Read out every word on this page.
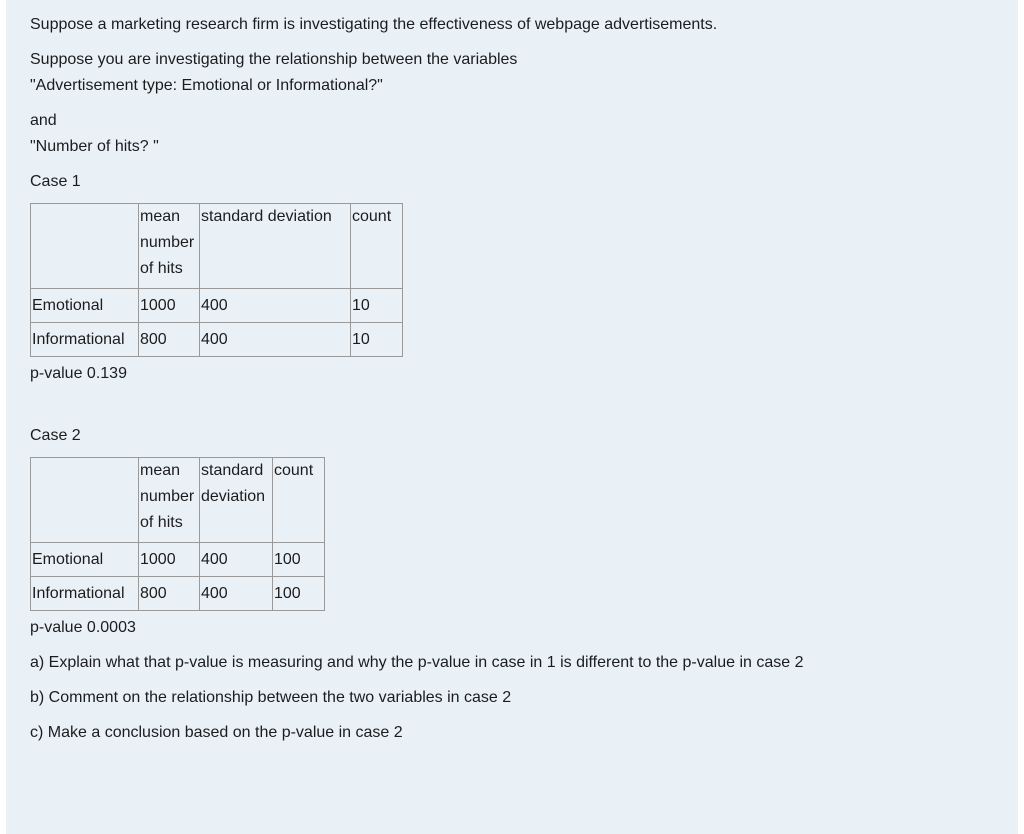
Suppose a marketing research firm is investigating the effectiveness of webpage advertisements.

Suppose you are investigating the relationship between the variables

"Advertisement type: Emotional or Informational?"

and

"Number of hits? "

Case 1

	mean number of hits	standard deviation	count
Emotional	1000	400	10
Informational	800	400	10

p-value 0.139

Case 2

	mean number of hits	standard deviation	count
Emotional	1000	400	100
Informational	800	400	100

p-value 0.0003

a) Explain what that p-value is measuring and why the p-value in case in 1 is different to the p-value in case 2

b) Comment on the relationship between the two variables in case 2

c) Make a conclusion based on the p-value in case 2
